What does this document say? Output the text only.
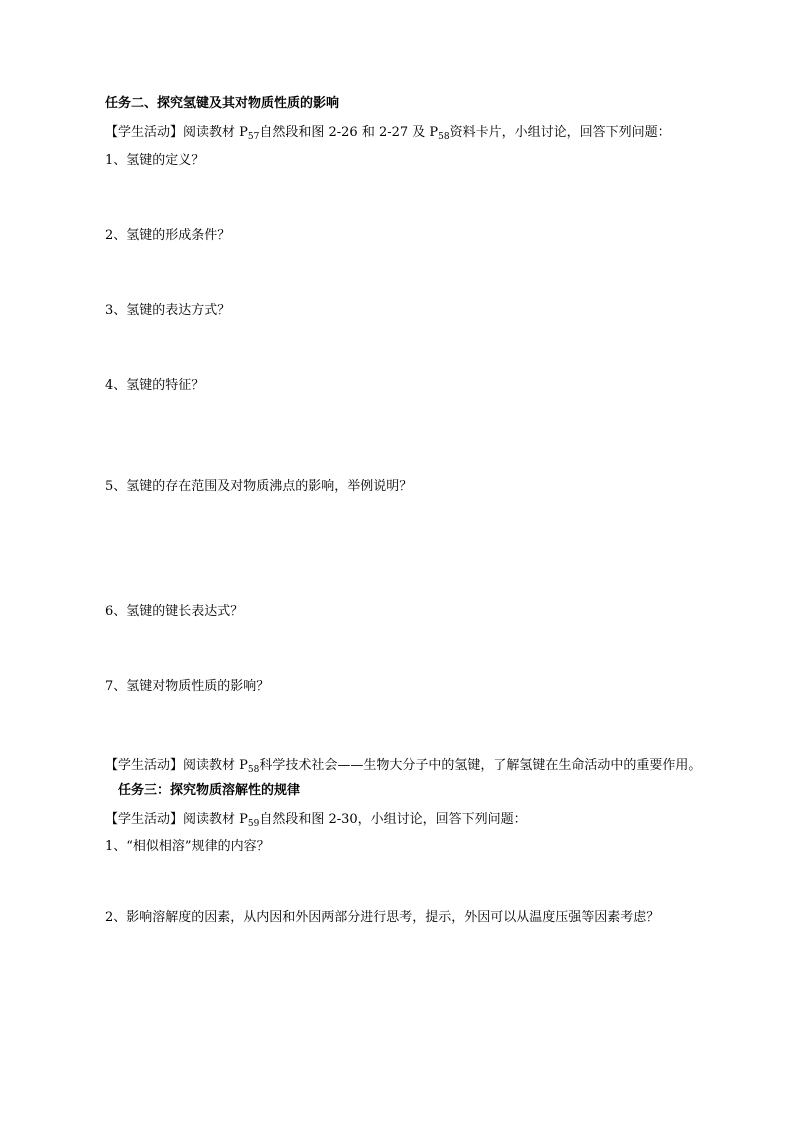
任务二、探究氢键及其对物质性质的影响
【学生活动】阅读教材 $P_{57}$自然段和图 2-26 和 2-27 及 $P_{58}$资料卡片，小组讨论，回答下列问题：
1、氢键的定义？
2、氢键的形成条件？
3、氢键的表达方式？
4、氢键的特征？
5、氢键的存在范围及对物质沸点的影响，举例说明？
6、氢键的键长表达式？
7、氢键对物质性质的影响？
【学生活动】阅读教材 $P_{58}$科学技术社会——生物大分子中的氢键，了解氢键在生命活动中的重要作用。
任务三：探究物质溶解性的规律
【学生活动】阅读教材 $P_{59}$自然段和图 2-30，小组讨论，回答下列问题：
1、“相似相溶”规律的内容？
2、影响溶解度的因素，从内因和外因两部分进行思考，提示，外因可以从温度压强等因素考虑？
